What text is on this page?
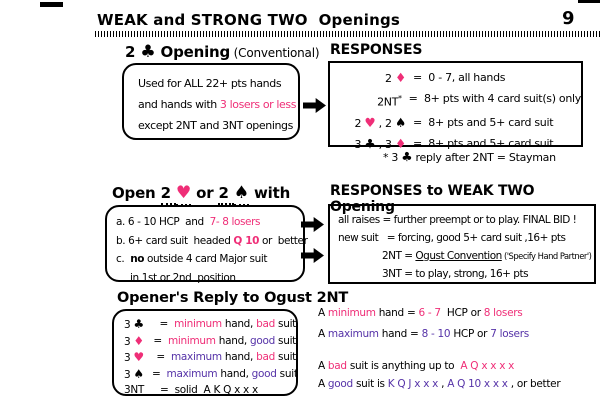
WEAK and STRONG TWO  Openings	9
2 ♣ Opening (Conventional)
Used for ALL 22+ pts hands
and hands with 3 losers or less
except 2NT and 3NT openings
RESPONSES
2 ♦ =  0 - 7, all hands
2NT* =  8+ pts with 4 card suit(s) only
2 ♥ , 2 ♠ =  8+ pts and 5+ card suit
3 ♣ , 3 ♦ =  8+ pts and 5+ card suit
* 3 ♣ reply after 2NT = Stayman
Open 2 ♥ or 2 ♠ with
a. 6 - 10 HCP  and  7- 8 losers
b. 6+ card suit  headed Q 10 or  better
c.  no outside 4 card Major suit
in 1st or 2nd  position
RESPONSES to WEAK TWO Opening
all raises = further preempt or to play. FINAL BID !
new suit   = forcing, good 5+ card suit ,16+ pts
2NT = Ogust Convention ('Specify Hand Partner')
3NT = to play, strong, 16+ pts
Opener's Reply to Ogust 2NT
3 ♣	=  minimum hand, bad suit
3 ♦ =  minimum hand, good suit
3 ♥	=  maximum hand, bad suit
3 ♠ =  maximum hand, good suit
3NT	=  solid  A K Q x x x
A minimum hand = 6 - 7  HCP or 8 losers
A maximum hand = 8 - 10 HCP or 7 losers
A bad suit is anything up to  A Q x x x x
A good suit is K Q J x x x , A Q 10 x x x , or better
